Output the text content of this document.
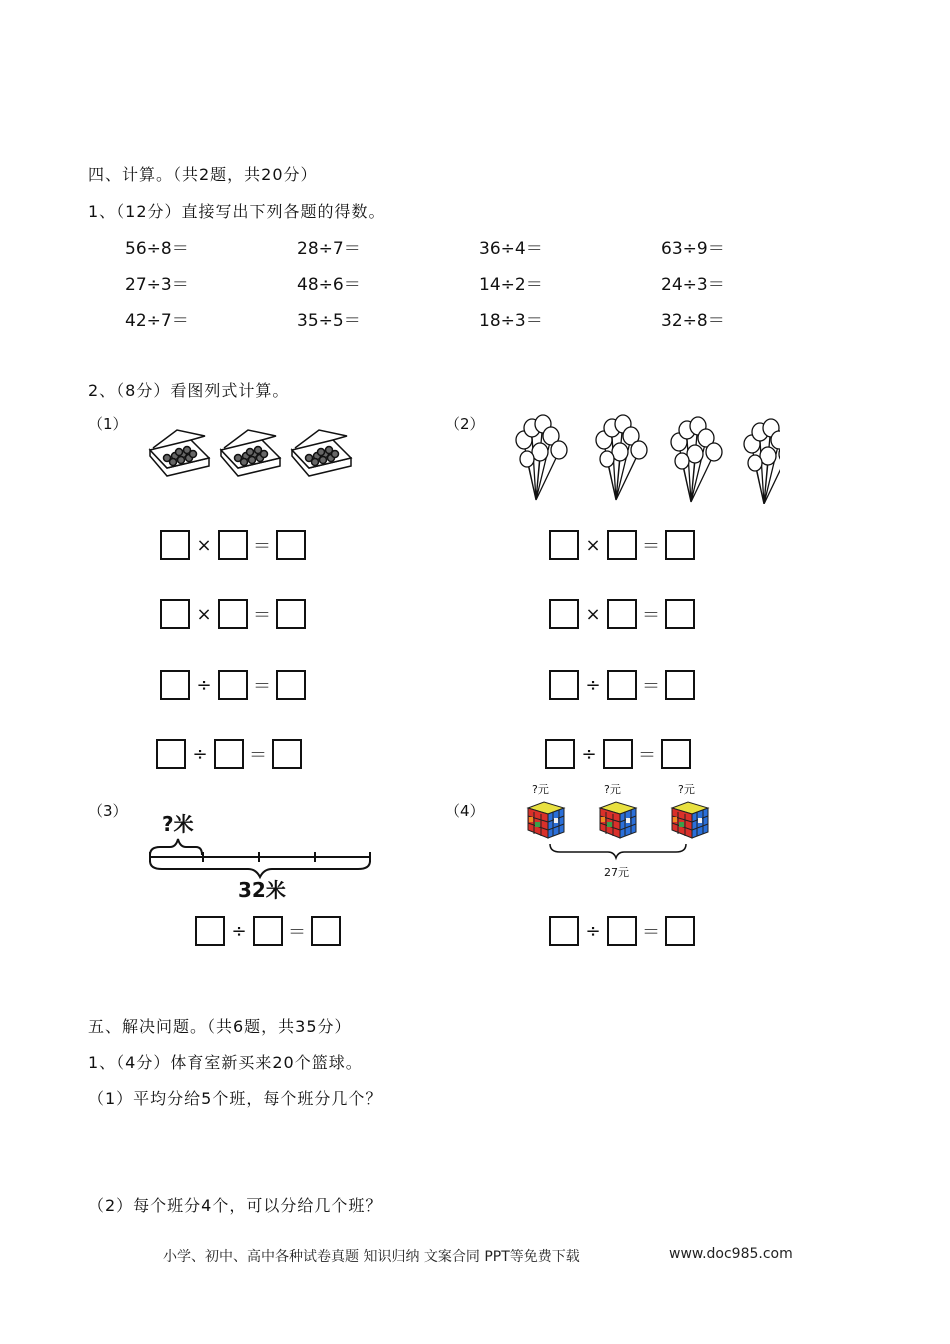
四、计算。（共2题，共20分）
1、（12分）直接写出下列各题的得数。
56÷8＝	28÷7＝	36÷4＝	63÷9＝
27÷3＝	48÷6＝	14÷2＝	24÷3＝
42÷7＝	35÷5＝	18÷3＝	32÷8＝
2、（8分）看图列式计算。
（1）	（2）
（3）	（4）
×	＝
×	＝
÷	＝
÷	＝
×	＝
×	＝
÷	＝
÷	＝
?米
32米
?元	?元	?元
27元
÷	＝	÷	＝
五、解决问题。（共6题，共35分）
1、（4分）体育室新买来20个篮球。
（1）平均分给5个班，每个班分几个？
（2）每个班分4个，可以分给几个班？
小学、初中、高中各种试卷真题 知识归纳 文案合同 PPT等免费下载	www.doc985.com
